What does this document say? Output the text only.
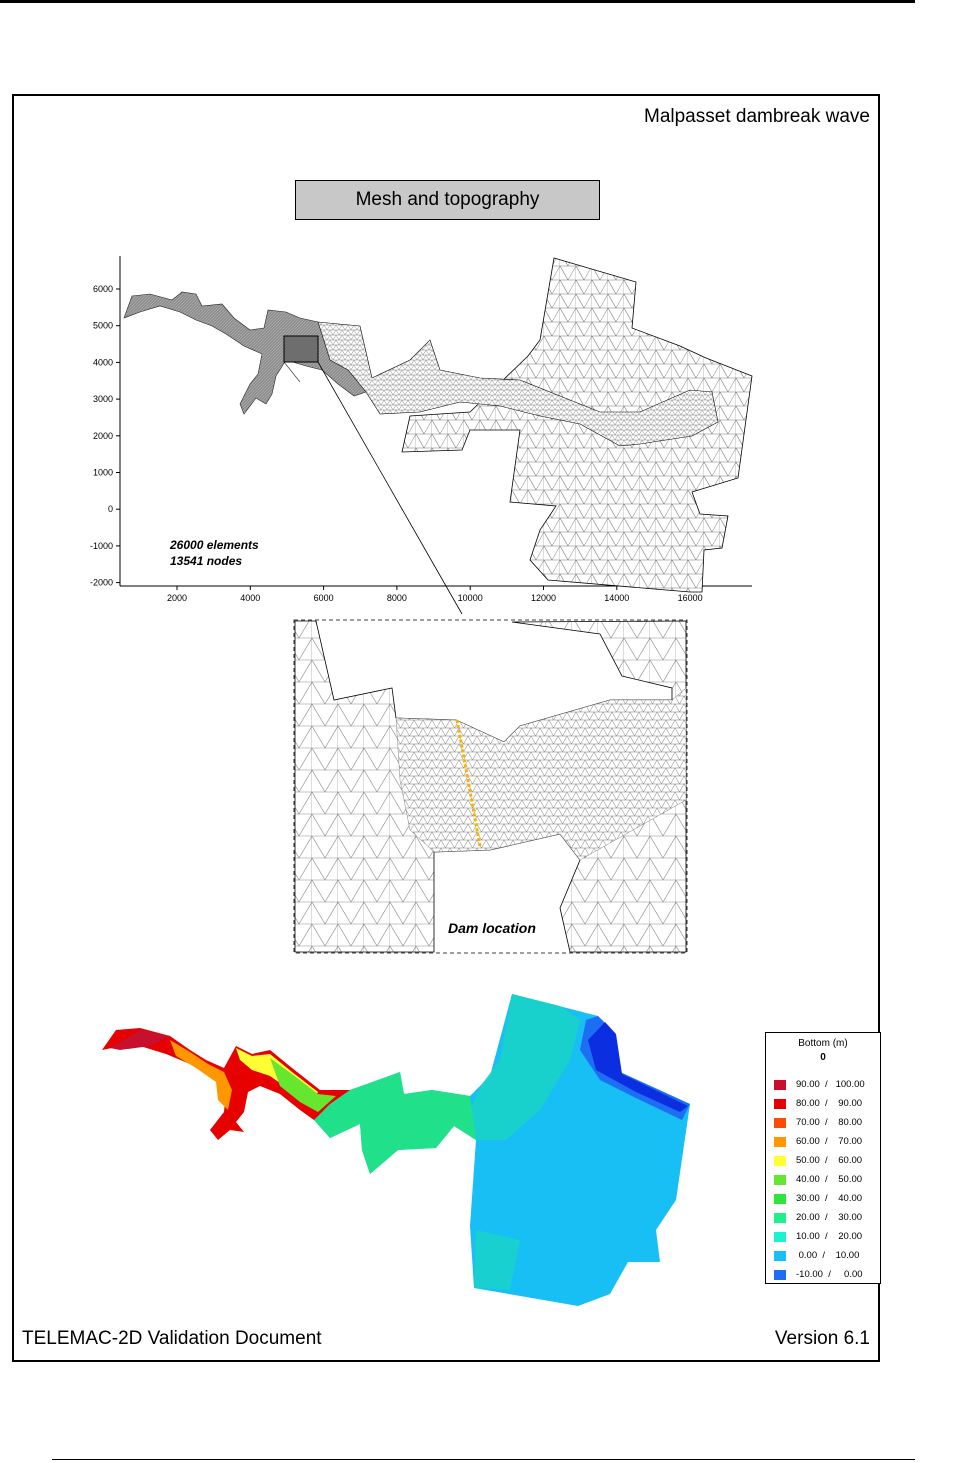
Malpasset dambreak wave
Mesh and topography
TELEMAC-2D Validation Document	Version 6.1
6000
5000
4000
3000
2000
1000
0
-1000
-2000
2000	4000	6000	8000	10000	12000	14000	16000
26000 elements
13541 nodes
Dam location
Bottom (m)
0
90.00  /   100.00
80.00  /    90.00
70.00  /    80.00
60.00  /    70.00
50.00  /    60.00
40.00  /    50.00
30.00  /    40.00
20.00  /    30.00
10.00  /    20.00
0.00  /    10.00
-10.00  /     0.00
